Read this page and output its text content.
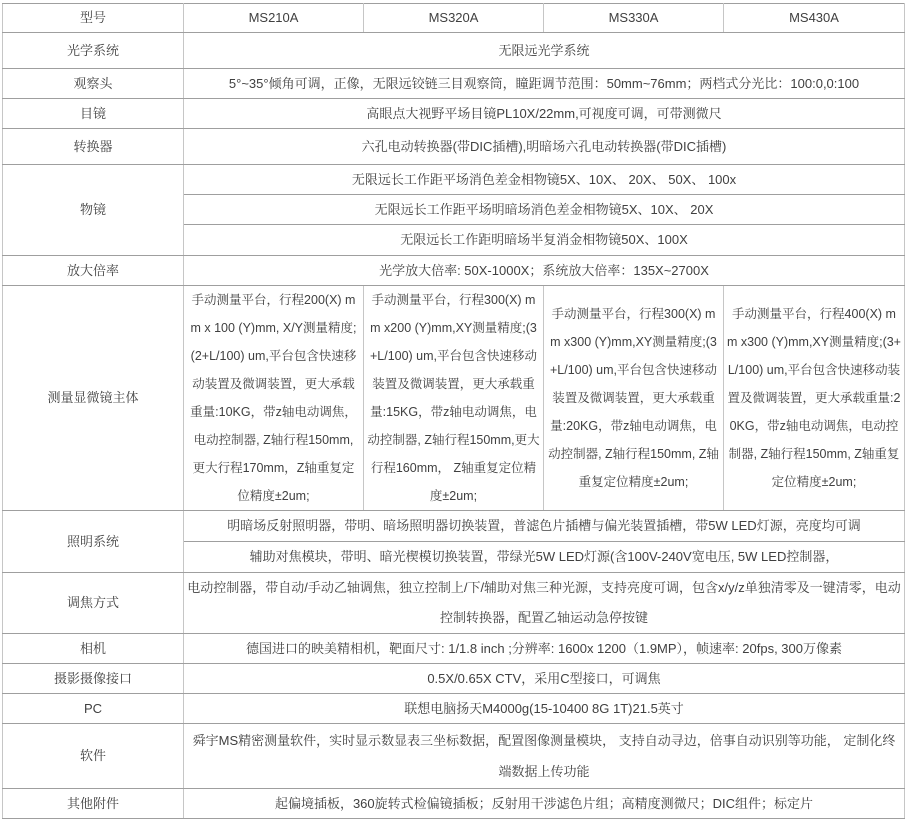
型号	MS210A	MS320A	MS330A	MS430A
光学系统	无限远光学系统			
观察头	5°~35°倾角可调，正像，无限远铰链三目观察筒，瞳距调节范围：50mm~76mm；两档式分光比：100:0,0:100			
目镜	高眼点大视野平场目镜PL10X/22mm,可视度可调，可带测微尺			
转换器	六孔电动转换器(带DIC插槽),明暗场六孔电动转换器(带DIC插槽)			
物镜	无限远长工作距平场消色差金相物镜5X、10X、 20X、 50X、 100x			
	无限远长工作距平场明暗场消色差金相物镜5X、10X、 20X			
	无限远长工作距明暗场半复消金相物镜50X、100X			
放大倍率	光学放大倍率: 50X-1000X；系统放大倍率：135X~2700X			
测量显微镜主体	手动测量平台，行程200(X) mm x 100 (Y)mm, X/Y测量精度;(2+L/100) um,平台包含快速移动装置及微调装置，更大承载重量:10KG，带z轴电动调焦，电动控制器, Z轴行程150mm, 更大行程170mm，Z轴重复定位精度±2um;	手动测量平台，行程300(X) mm x200 (Y)mm,XY测量精度;(3+L/100) um,平台包含快速移动装置及微调装置，更大承载重量:15KG，带z轴电动调焦，电动控制器, Z轴行程150mm,更大行程160mm， Z轴重复定位精度±2um;	手动测量平台，行程300(X) mm x300 (Y)mm,XY测量精度;(3+L/100) um,平台包含快速移动装置及微调装置，更大承载重量:20KG，带z轴电动调焦，电动控制器, Z轴行程150mm, Z轴重复定位精度±2um;	手动测量平台，行程400(X) mm x300 (Y)mm,XY测量精度;(3+L/100) um,平台包含快速移动装置及微调装置，更大承载重量:20KG，带z轴电动调焦，电动控制器, Z轴行程150mm, Z轴重复定位精度±2um;
照明系统	明暗场反射照明器，带明、暗场照明器切换装置，普滤色片插槽与偏光装置插槽，带5W LED灯源，亮度均可调			
	辅助对焦模块，带明、暗光楔模切换装置，带绿光5W LED灯源(含100V-240V宽电压, 5W LED控制器，			
调焦方式	电动控制器，带自动/手动乙轴调焦，独立控制上/下/辅助对焦三种光源，支持亮度可调，包含x/y/z单独清零及一键清零，电动控制转换器，配置乙轴运动急停按键			
相机	德国进口的映美精相机，靶面尺寸: 1/1.8 inch ;分辨率: 1600x 1200（1.9MP），帧速率: 20fps, 300万像素			
摄影摄像接口	0.5X/0.65X CTV，采用C型接口，可调焦			
PC	联想电脑扬天M4000g(15-10400 8G 1T)21.5英寸			
软件	舜宇MS精密测量软件，实时显示数显表三坐标数据，配置图像测量模块， 支持自动寻边，倍事自动识别等功能， 定制化终端数据上传功能			
其他附件	起偏境插板，360旋转式检偏镜插板；反射用干涉滤色片组；高精度测微尺；DIC组件；标定片			
